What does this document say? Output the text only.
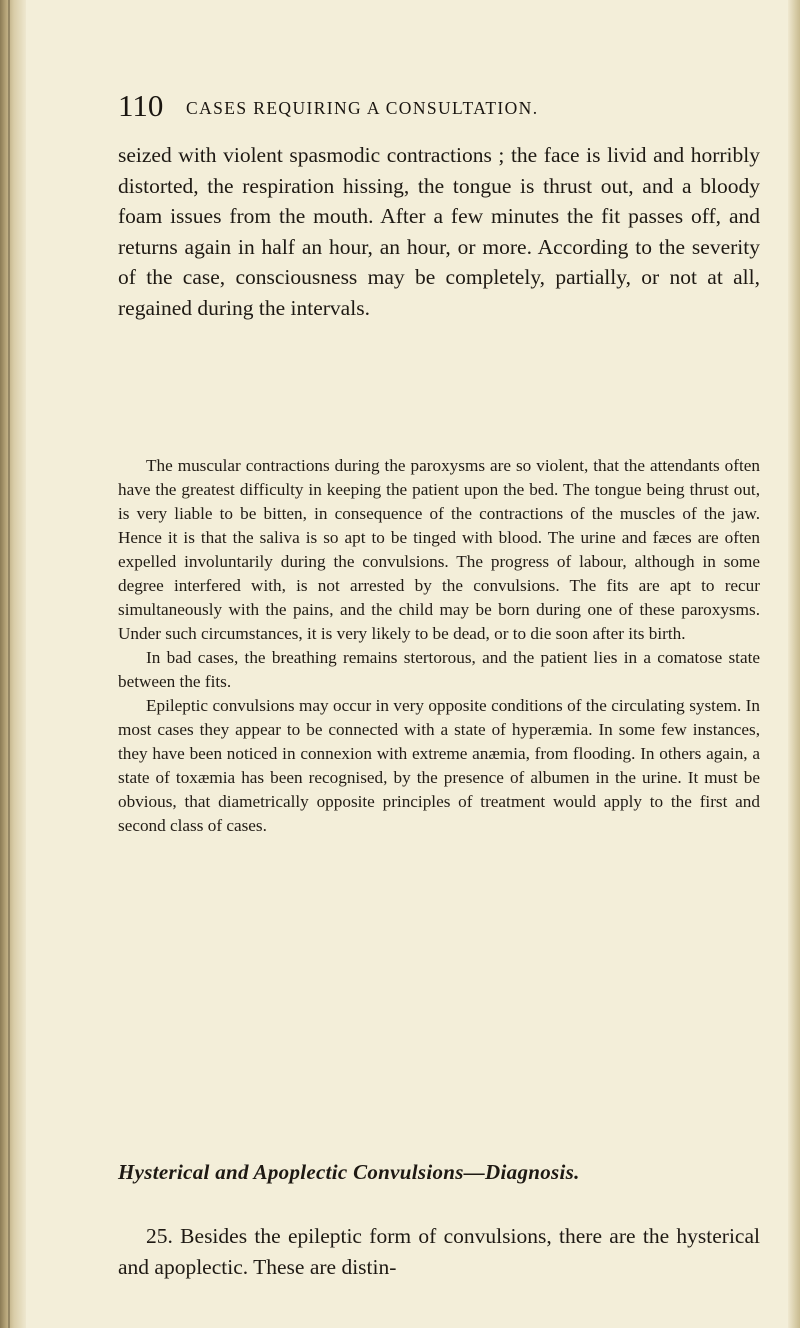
110 CASES REQUIRING A CONSULTATION.

seized with violent spasmodic contractions ; the face is livid and horribly distorted, the respiration hissing, the tongue is thrust out, and a bloody foam issues from the mouth. After a few minutes the fit passes off, and returns again in half an hour, an hour, or more. According to the severity of the case, consciousness may be completely, partially, or not at all, regained during the intervals.

The muscular contractions during the paroxysms are so violent, that the attendants often have the greatest difficulty in keeping the patient upon the bed. The tongue being thrust out, is very liable to be bitten, in consequence of the contractions of the muscles of the jaw. Hence it is that the saliva is so apt to be tinged with blood. The urine and fæces are often expelled involuntarily during the convulsions. The progress of labour, although in some degree interfered with, is not arrested by the convulsions. The fits are apt to recur simultaneously with the pains, and the child may be born during one of these paroxysms. Under such circumstances, it is very likely to be dead, or to die soon after its birth.

In bad cases, the breathing remains stertorous, and the patient lies in a comatose state between the fits.

Epileptic convulsions may occur in very opposite conditions of the circulating system. In most cases they appear to be connected with a state of hyperæmia. In some few instances, they have been noticed in connexion with extreme anæmia, from flooding. In others again, a state of toxæmia has been recognised, by the presence of albumen in the urine. It must be obvious, that diametrically opposite principles of treatment would apply to the first and second class of cases.

Hysterical and Apoplectic Convulsions—Diagnosis.

25. Besides the epileptic form of convulsions, there are the hysterical and apoplectic. These are distin-
